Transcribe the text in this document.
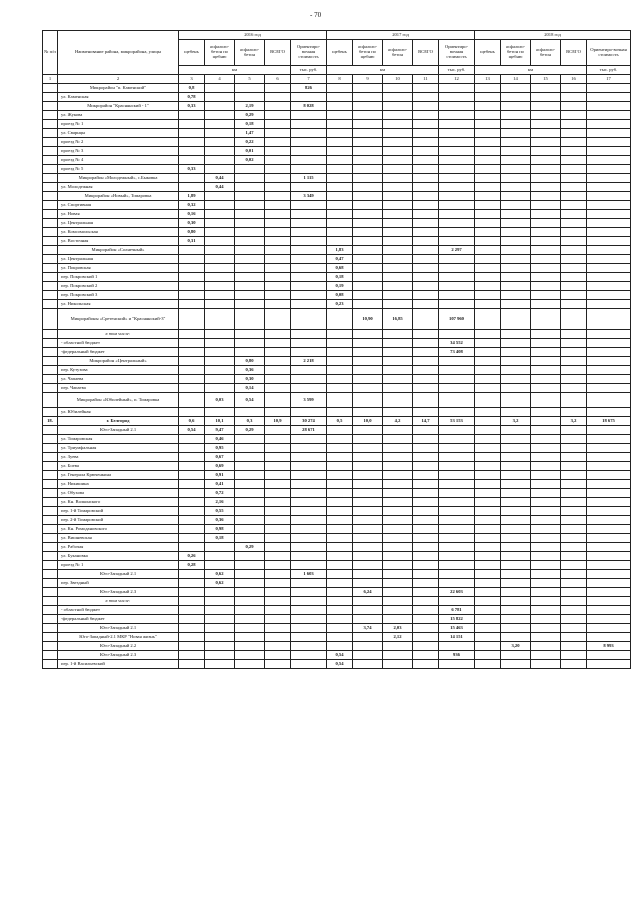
- 70
№ п/п	Наименование района, микрорайона, улицы	2016 год					2017 год					2018 год				
		щебень	асфальто-бетон по щебню	асфальто-бетон	ВСЕГО	Ориентиро-вочная стоимость	щебень	асфальто-бетон по щебню	асфальто-бетон	ВСЕГО	Ориентиро-вочная стоимость	щебень	асфальто-бетон по щебню	асфальто-бетон	ВСЕГО	Ориентиро-вочная стоимость
		км				тыс. руб.	км				тыс. руб.	км				тыс. руб.
1	2	3	4	5	6	7	8	9	10	11	12	13	14	15	16	17
	Микрорайон "п. Каменский"	0,8				826										
	ул. Каменская	0,78														
	Микрорайон "Краснянский - 1"	0,33		2,19		8 028										
	ул. Жукова			0,29												
	проезд № 1			0,18												
	ул. Сварнцы			1,47												
	проезд № 2			0,22												
	проезд № 3			0,01												
	проезд № 4			0,02												
	проезд № 5	0,33														
	Микрорайон «Молодежный», с.Быковка		0,44			1 115										
	ул. Молодежная		0,44													
	Микрорайон «Новый», Томаровка	1,89				3 349										
	ул. Спортивная	0,32														
	ул. Новая	0,16														
	ул. Центральная	0,30														
	ул. Комсомольская	0,80														
	ул. Восточная	0,31														
	Микрорайон «Солнечный»						1,83				2 297					
	ул. Центральная						0,47									
	ул. Покровская						0,68									
	пер. Покровский 1						0,18									
	пер. Покровский 2						0,19									
	пер. Покровский 3						0,08									
	ул. Никольская						0,23									
	Микрорайоны «Сретенский» и "Краснянский-3"							10,90	16,85		107 960					
	в том числе:															
	- областной бюджет										34 552					
	-федеральный бюджет										73 408					
	Микрорайон «Центральный»			0,80		2 218										
	пер. Кутузова			0,36												
	ул. Чапаева			0,30												
	пер. Чапаева			0,14												
	Микрорайон «Юбилейный», п. Томаровка		0,03	0,54		3 599										
	ул. Юбилейная															
18.	г. Белгород	0,6	10,1	0,3	10,9	30 274	0,5	10,0	4,2	14,7	53 153		3,2		3,2	18 675
	Юго-Западный 2.1	0,54	9,47	0,29		28 671										
	ул. Томаровская		0,46													
	ул. Триумфальная		0,95													
	ул. Зуева		0,67													
	ул. Боева		0,69													
	ул. Генерала Крюченкина		0,91													
	ул. Никишина		0,41													
	ул. Обухова		0,72													
	ул. Кн. Волконского		2,16													
	пер. 1-й Томаровский		0,55													
	пер. 2-й Томаровский		0,36													
	ул. Кн. Ромодановского		0,98													
	ул. Вишневская		0,18													
	ул. Рабочая			0,29												
	ул. Букановка	0,26														
	проезд № 1	0,28														
	Юго-Западный 2.1		0,62			1 603										
	пер. Звездный		0,62													
	Юго-Западный 2.3							6,24			22 603					
	в том числе:															
	- областной бюджет										6 781					
	-федеральный бюджет										15 822					
	Юго-Западный 2.1							3,74	2,03		15 463					
	Юго-Западный-2.1 МКР "Новая жизнь"								2,12		14 151					
	Юго-Западный 2.2												3,20			8 993
	Юго-Западный 2.3						0,54				936					
	пер. 1-й Васильевский						0,54									
